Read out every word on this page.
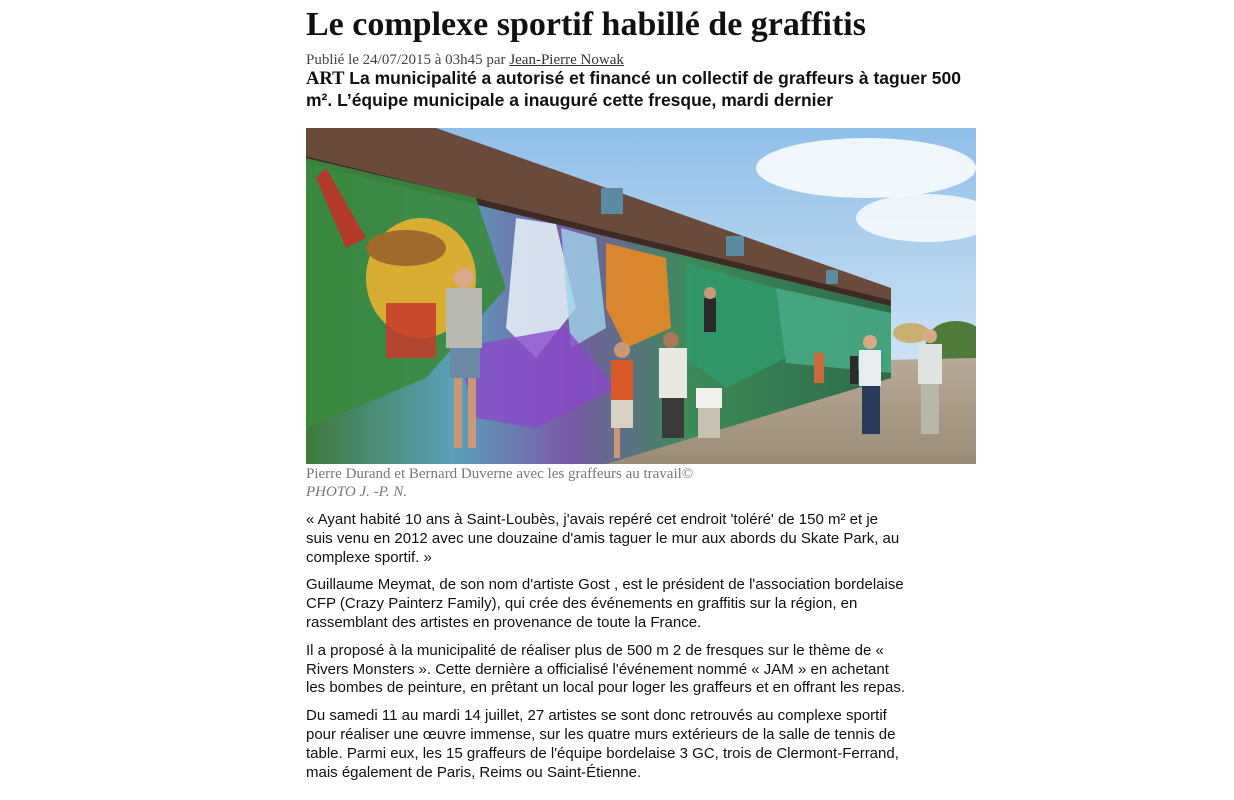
Le complexe sportif habillé de graffitis
Publié le 24/07/2015 à 03h45 par Jean-Pierre Nowak
ART La municipalité a autorisé et financé un collectif de graffeurs à taguer 500 m². L’équipe municipale a inauguré cette fresque, mardi dernier
Pierre Durand et Bernard Duverne avec les graffeurs au travail©
PHOTO J. -P. N.

« Ayant habité 10 ans à Saint-Loubès, j'avais repéré cet endroit 'toléré' de 150 m² et je suis venu en 2012 avec une douzaine d'amis taguer le mur aux abords du Skate Park, au complexe sportif. »

Guillaume Meymat, de son nom d'artiste Gost , est le président de l'association bordelaise CFP (Crazy Painterz Family), qui crée des événements en graffitis sur la région, en rassemblant des artistes en provenance de toute la France.

Il a proposé à la municipalité de réaliser plus de 500 m 2 de fresques sur le thème de « Rivers Monsters ». Cette dernière a officialisé l'événement nommé « JAM » en achetant les bombes de peinture, en prêtant un local pour loger les graffeurs et en offrant les repas.

Du samedi 11 au mardi 14 juillet, 27 artistes se sont donc retrouvés au complexe sportif pour réaliser une œuvre immense, sur les quatre murs extérieurs de la salle de tennis de table. Parmi eux, les 15 graffeurs de l'équipe bordelaise 3 GC, trois de Clermont-Ferrand, mais également de Paris, Reims ou Saint-Étienne.
